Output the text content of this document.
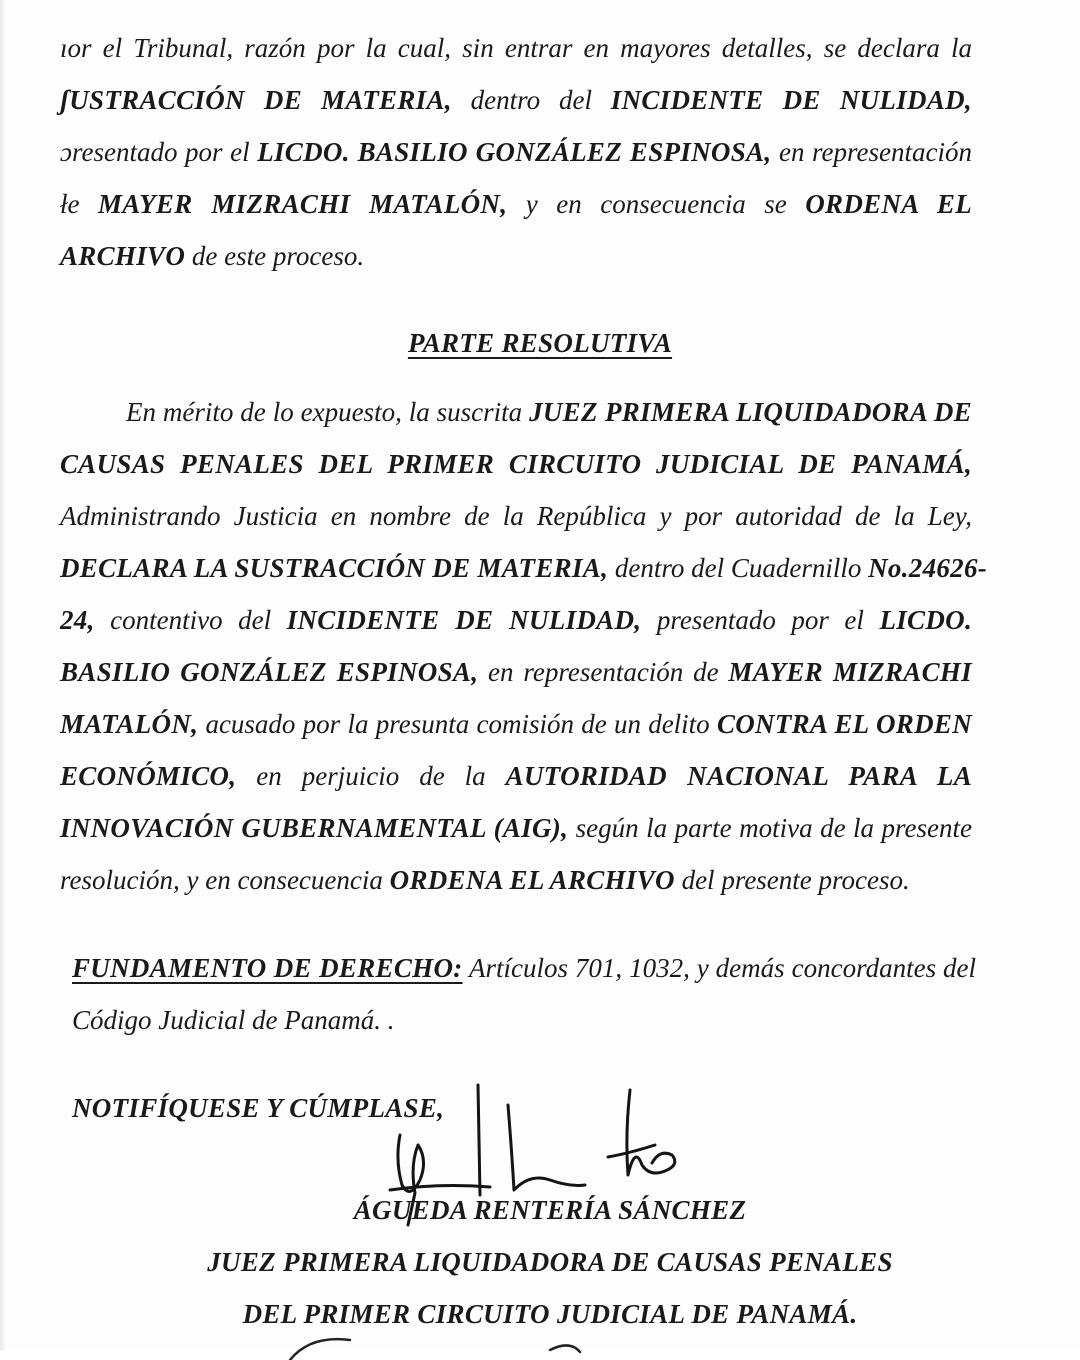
ıor el Tribunal, razón por la cual, sin entrar en mayores detalles, se declara la
ʃUSTRACCIÓN DE MATERIA, dentro del INCIDENTE DE NULIDAD,
ɔresentado por el LICDO. BASILIO GONZÁLEZ ESPINOSA, en representación
łe MAYER MIZRACHI MATALÓN, y en consecuencia se ORDENA EL
ARCHIVO de este proceso.
PARTE RESOLUTIVA
En mérito de lo expuesto, la suscrita JUEZ PRIMERA LIQUIDADORA DE
CAUSAS PENALES DEL PRIMER CIRCUITO JUDICIAL DE PANAMÁ,
Administrando Justicia en nombre de la República y por autoridad de la Ley,
DECLARA LA SUSTRACCIÓN DE MATERIA, dentro del Cuadernillo No.24626-
24, contentivo del INCIDENTE DE NULIDAD, presentado por el LICDO.
BASILIO GONZÁLEZ ESPINOSA, en representación de MAYER MIZRACHI
MATALÓN, acusado por la presunta comisión de un delito CONTRA EL ORDEN
ECONÓMICO, en perjuicio de la AUTORIDAD NACIONAL PARA LA
INNOVACIÓN GUBERNAMENTAL (AIG), según la parte motiva de la presente
resolución, y en consecuencia ORDENA EL ARCHIVO del presente proceso.
FUNDAMENTO DE DERECHO: Artículos 701, 1032, y demás concordantes del
Código Judicial de Panamá. .
NOTIFÍQUESE Y CÚMPLASE,
ÁGUEDA RENTERÍA SÁNCHEZ
JUEZ PRIMERA LIQUIDADORA DE CAUSAS PENALES
DEL PRIMER CIRCUITO JUDICIAL DE PANAMÁ.
